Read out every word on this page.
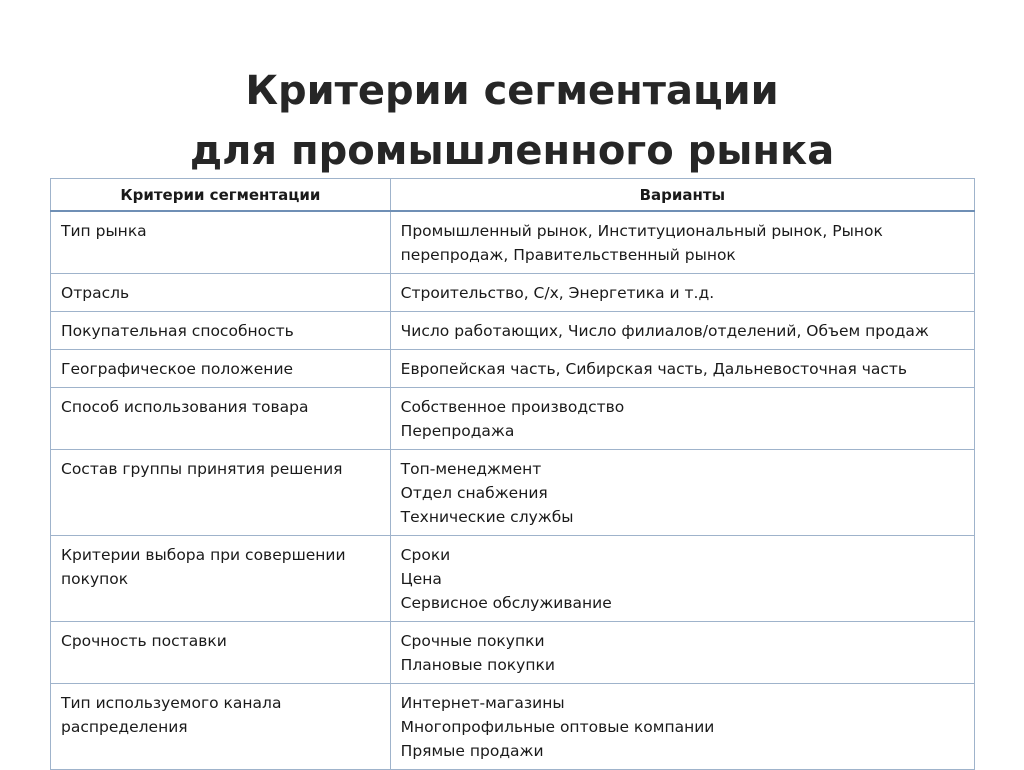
Критерии сегментации
для промышленного рынка
Критерии сегментации	Варианты
Тип рынка	Промышленный рынок, Институциональный рынок, Рынок
перепродаж, Правительственный рынок

Отрасль	Строительство, С/х, Энергетика и т.д.

Покупательная способность	Число работающих, Число филиалов/отделений, Объем продаж

Географическое положение	Европейская часть, Сибирская часть, Дальневосточная часть

Способ использования товара	Собственное производство
Перепродажа

Состав группы принятия решения	Топ-менеджмент
Отдел снабжения
Технические службы

Критерии выбора при совершении покупок	Сроки
Цена
Сервисное обслуживание

Срочность поставки	Срочные покупки
Плановые покупки

Тип используемого канала распределения	Интернет-магазины
Многопрофильные оптовые компании
Прямые продажи
